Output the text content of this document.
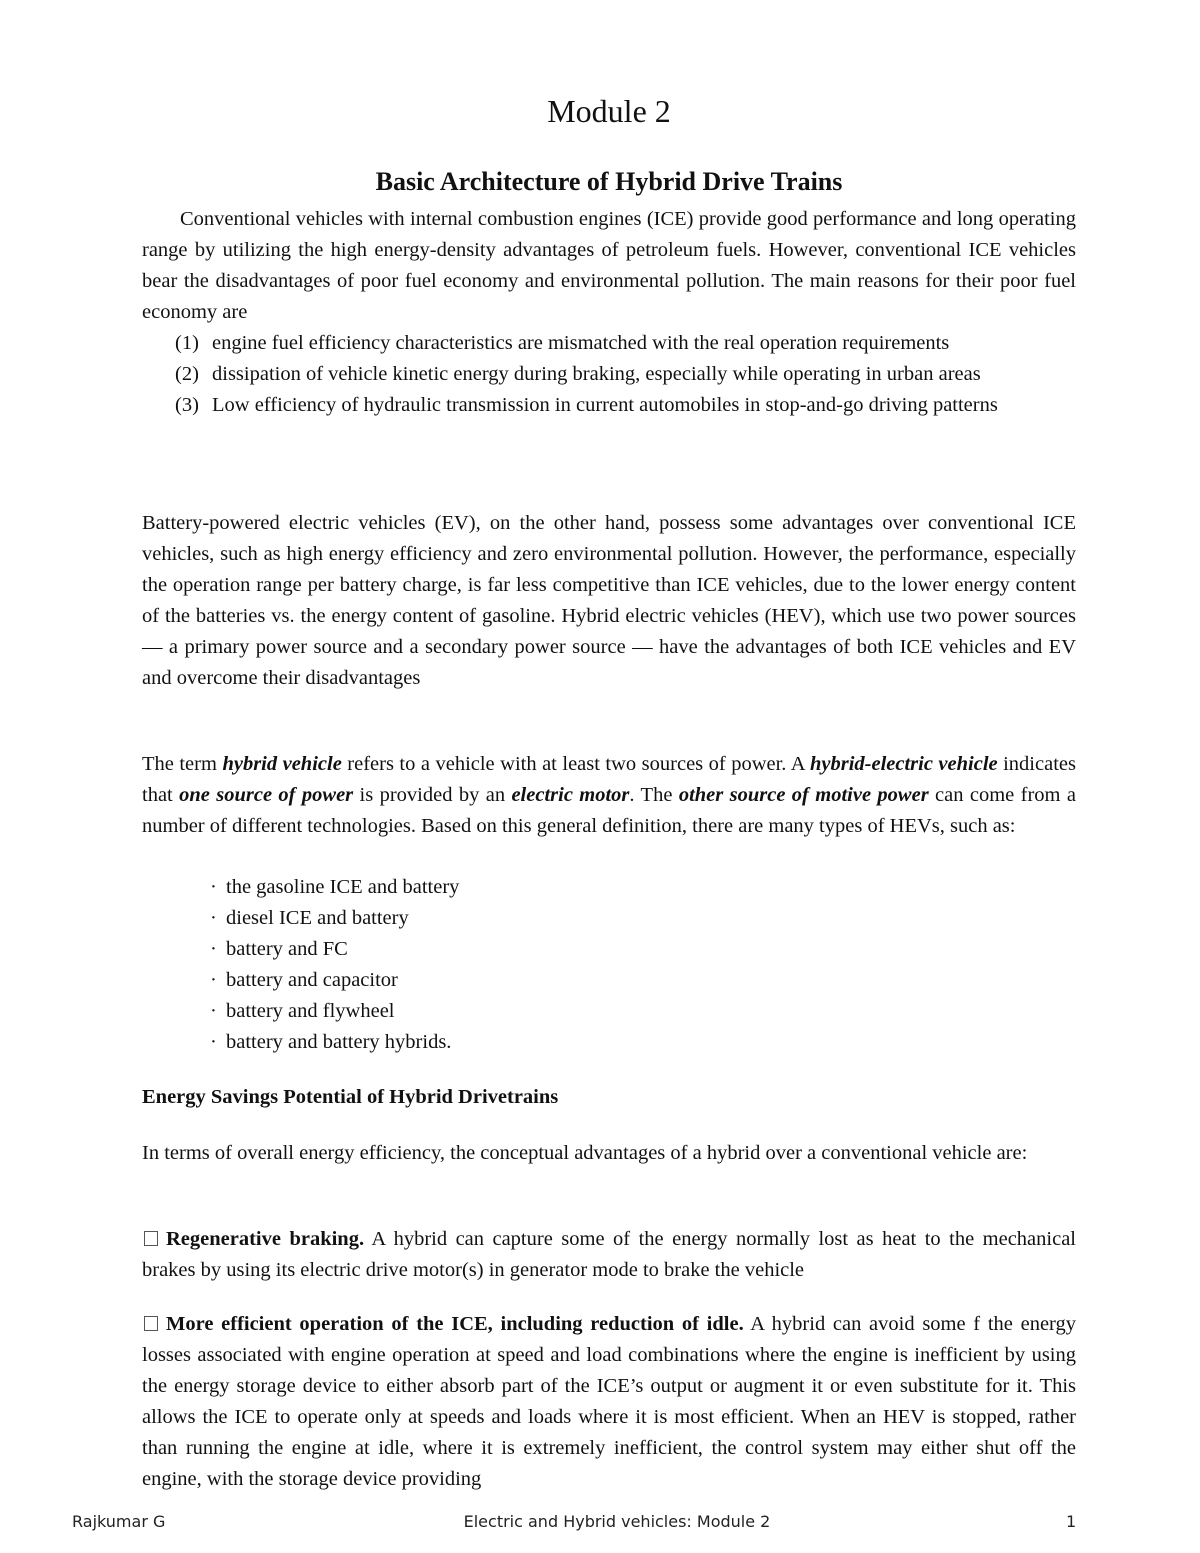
Module 2
Basic Architecture of Hybrid Drive Trains

Conventional vehicles with internal combustion engines (ICE) provide good performance and long operating range by utilizing the high energy-density advantages of petroleum fuels. However, conventional ICE vehicles bear the disadvantages of poor fuel economy and environmental pollution. The main reasons for their poor fuel economy are

(1) engine fuel efficiency characteristics are mismatched with the real operation requirements
(2) dissipation of vehicle kinetic energy during braking, especially while operating in urban areas
(3) Low efficiency of hydraulic transmission in current automobiles in stop-and-go driving patterns

Battery-powered electric vehicles (EV), on the other hand, possess some advantages over conventional ICE vehicles, such as high energy efficiency and zero environmental pollution. However, the performance, especially the operation range per battery charge, is far less competitive than ICE vehicles, due to the lower energy content of the batteries vs. the energy content of gasoline. Hybrid electric vehicles (HEV), which use two power sources — a primary power source and a secondary power source — have the advantages of both ICE vehicles and EV and overcome their disadvantages

The term hybrid vehicle refers to a vehicle with at least two sources of power. A hybrid-electric vehicle indicates that one source of power is provided by an electric motor. The other source of motive power can come from a number of different technologies. Based on this general definition, there are many types of HEVs, such as:

· the gasoline ICE and battery
· diesel ICE and battery
· battery and FC
· battery and capacitor
· battery and flywheel
· battery and battery hybrids.

Energy Savings Potential of Hybrid Drivetrains

In terms of overall energy efficiency, the conceptual advantages of a hybrid over a conventional vehicle are:

Regenerative braking. A hybrid can capture some of the energy normally lost as heat to the mechanical brakes by using its electric drive motor(s) in generator mode to brake the vehicle

More efficient operation of the ICE, including reduction of idle. A hybrid can avoid some f the energy losses associated with engine operation at speed and load combinations where the engine is inefficient by using the energy storage device to either absorb part of the ICE’s output or augment it or even substitute for it. This allows the ICE to operate only at speeds and loads where it is most efficient. When an HEV is stopped, rather than running the engine at idle, where it is extremely inefficient, the control system may either shut off the engine, with the storage device providing

Rajkumar G	Electric and Hybrid vehicles: Module 2	1
